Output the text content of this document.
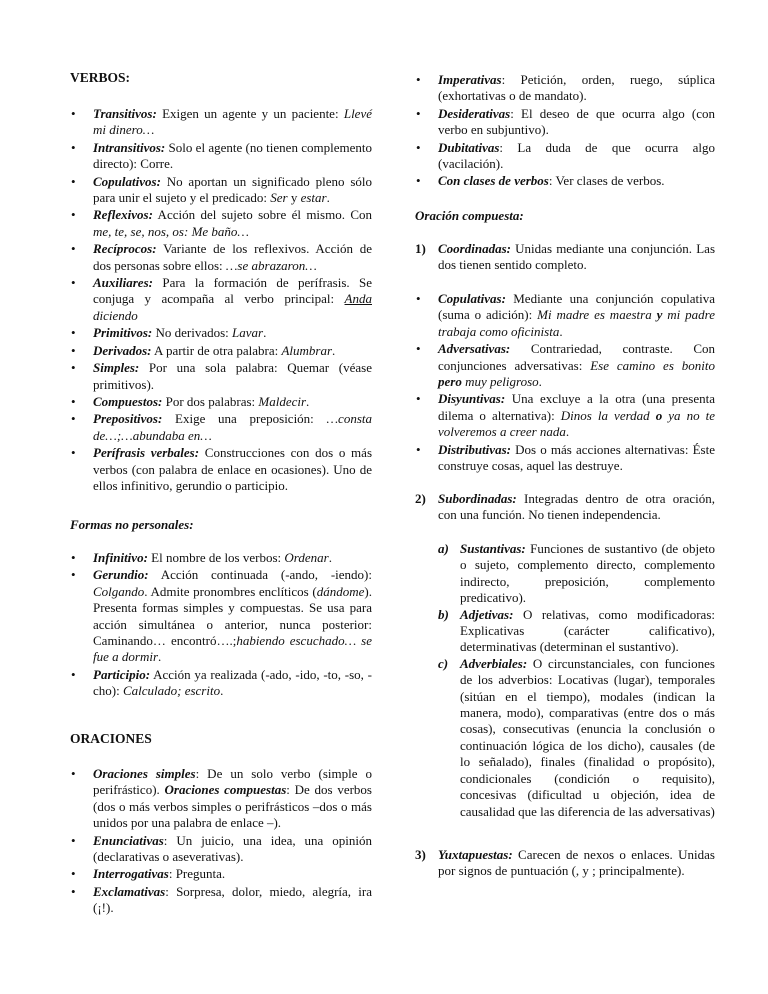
VERBOS:
• Transitivos: Exigen un agente y un paciente: Llevé mi dinero…
• Intransitivos: Solo el agente (no tienen complemento directo): Corre.
• Copulativos: No aportan un significado pleno sólo para unir el sujeto y el predicado: Ser y estar.
• Reflexivos: Acción del sujeto sobre él mismo. Con me, te, se, nos, os: Me baño…
• Recíprocos: Variante de los reflexivos. Acción de dos personas sobre ellos: …se abrazaron…
• Auxiliares: Para la formación de perífrasis. Se conjuga y acompaña al verbo principal: Anda diciendo
• Primitivos: No derivados: Lavar.
• Derivados: A partir de otra palabra: Alumbrar.
• Simples: Por una sola palabra: Quemar (véase primitivos).
• Compuestos: Por dos palabras: Maldecir.
• Prepositivos: Exige una preposición: …consta de…;…abundaba en…
• Perífrasis verbales: Construcciones con dos o más verbos (con palabra de enlace en ocasiones). Uno de ellos infinitivo, gerundio o participio.
Formas no personales:
• Infinitivo: El nombre de los verbos: Ordenar.
• Gerundio: Acción continuada (-ando, -iendo): Colgando. Admite pronombres enclíticos (dándome). Presenta formas simples y compuestas. Se usa para acción simultánea o anterior, nunca posterior: Caminando… encontró….;habiendo escuchado… se fue a dormir.
• Participio: Acción ya realizada (-ado, -ido, -to, -so, -cho): Calculado; escrito.
ORACIONES
• Oraciones simples: De un solo verbo (simple o perifrástico). Oraciones compuestas: De dos verbos (dos o más verbos simples o perifrásticos –dos o más unidos por una palabra de enlace –).
• Enunciativas: Un juicio, una idea, una opinión (declarativas o aseverativas).
• Interrogativas: Pregunta.
• Exclamativas: Sorpresa, dolor, miedo, alegría, ira (¡!).
• Imperativas: Petición, orden, ruego, súplica (exhortativas o de mandato).
• Desiderativas: El deseo de que ocurra algo (con verbo en subjuntivo).
• Dubitativas: La duda de que ocurra algo (vacilación).
• Con clases de verbos: Ver clases de verbos.
Oración compuesta:
1) Coordinadas: Unidas mediante una conjunción. Las dos tienen sentido completo.
• Copulativas: Mediante una conjunción copulativa (suma o adición): Mi madre es maestra y mi padre trabaja como oficinista.
• Adversativas: Contrariedad, contraste. Con conjunciones adversativas: Ese camino es bonito pero muy peligroso.
• Disyuntivas: Una excluye a la otra (una presenta dilema o alternativa): Dinos la verdad o ya no te volveremos a creer nada.
• Distributivas: Dos o más acciones alternativas: Éste construye cosas, aquel las destruye.
2) Subordinadas: Integradas dentro de otra oración, con una función. No tienen independencia.
a) Sustantivas: Funciones de sustantivo (de objeto o sujeto, complemento directo, complemento indirecto, preposición, complemento predicativo).
b) Adjetivas: O relativas, como modificadoras: Explicativas (carácter calificativo), determinativas (determinan el sustantivo).
c) Adverbiales: O circunstanciales, con funciones de los adverbios: Locativas (lugar), temporales (sitúan en el tiempo), modales (indican la manera, modo), comparativas (entre dos o más cosas), consecutivas (enuncia la conclusión o continuación lógica de los dicho), causales (de lo señalado), finales (finalidad o propósito), condicionales (condición o requisito), concesivas (dificultad u objeción, idea de causalidad que las diferencia de las adversativas)
3) Yuxtapuestas: Carecen de nexos o enlaces. Unidas por signos de puntuación (, y ; principalmente).
